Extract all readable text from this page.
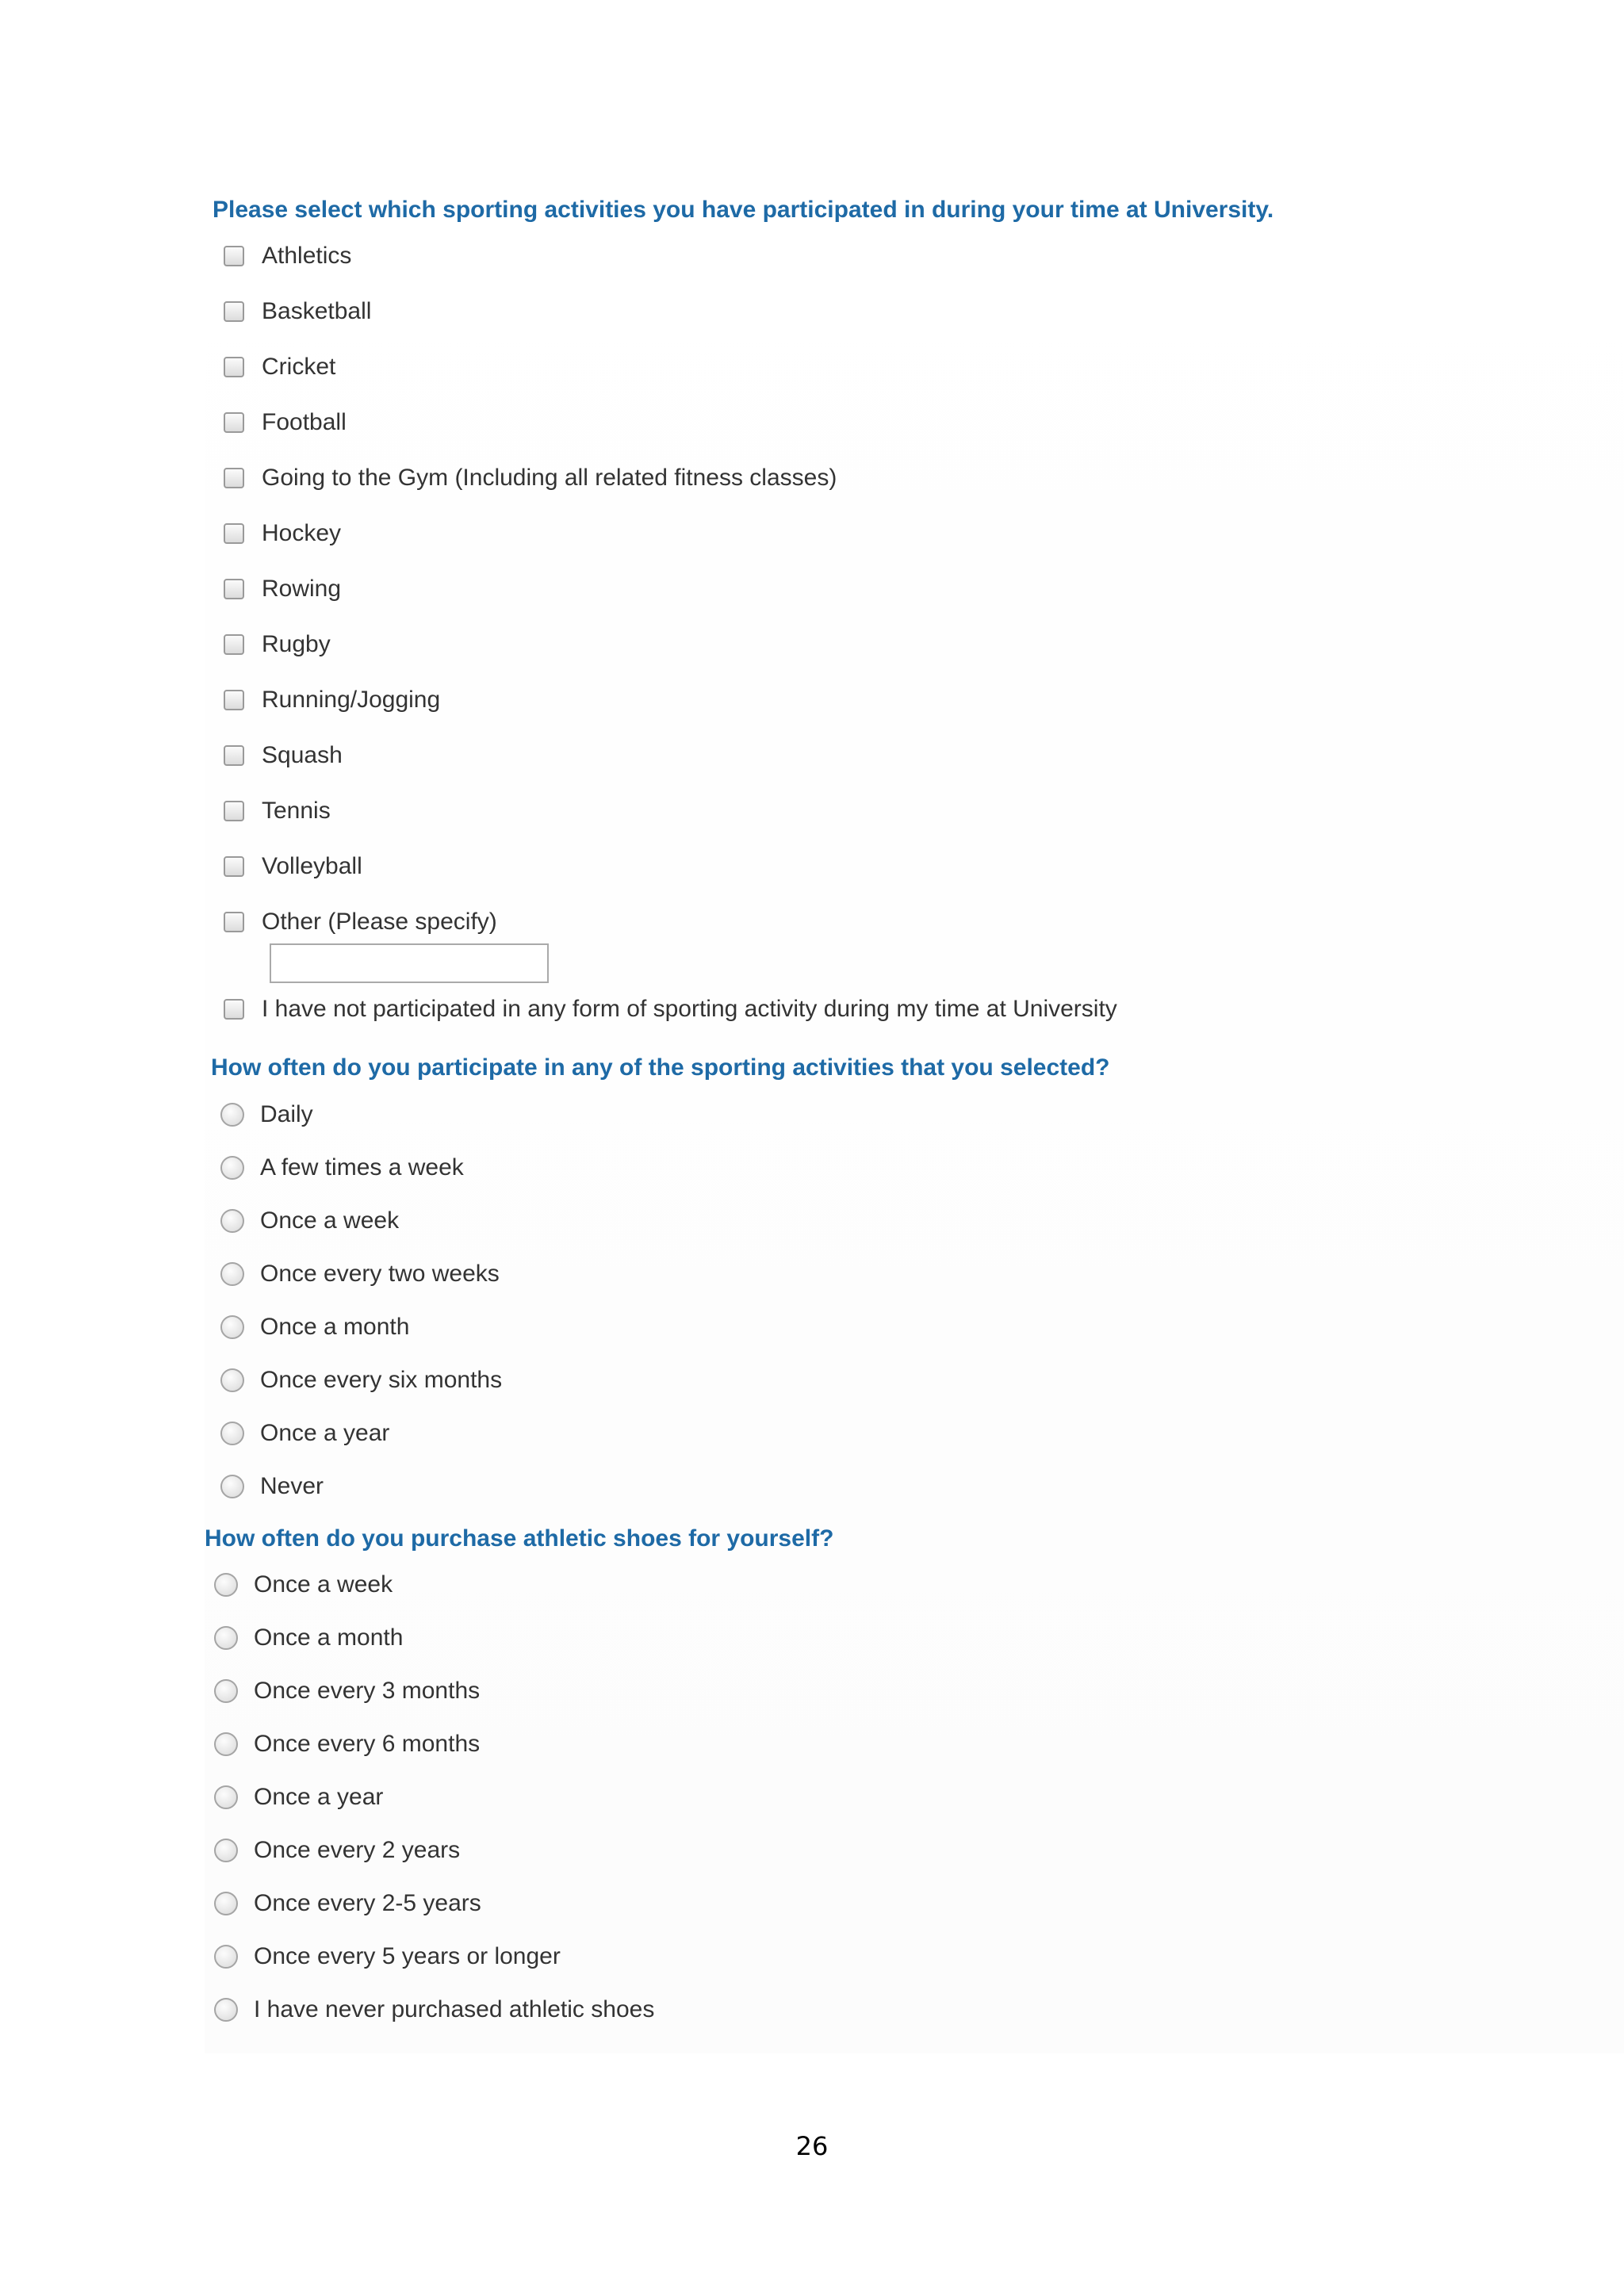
Please select which sporting activities you have participated in during your time at University.
Athletics
Basketball
Cricket
Football
Going to the Gym (Including all related fitness classes)
Hockey
Rowing
Rugby
Running/Jogging
Squash
Tennis
Volleyball
Other (Please specify)
I have not participated in any form of sporting activity during my time at University
How often do you participate in any of the sporting activities that you selected?
Daily
A few times a week
Once a week
Once every two weeks
Once a month
Once every six months
Once a year
Never
How often do you purchase athletic shoes for yourself?
Once a week
Once a month
Once every 3 months
Once every 6 months
Once a year
Once every 2 years
Once every 2-5 years
Once every 5 years or longer
I have never purchased athletic shoes
26
